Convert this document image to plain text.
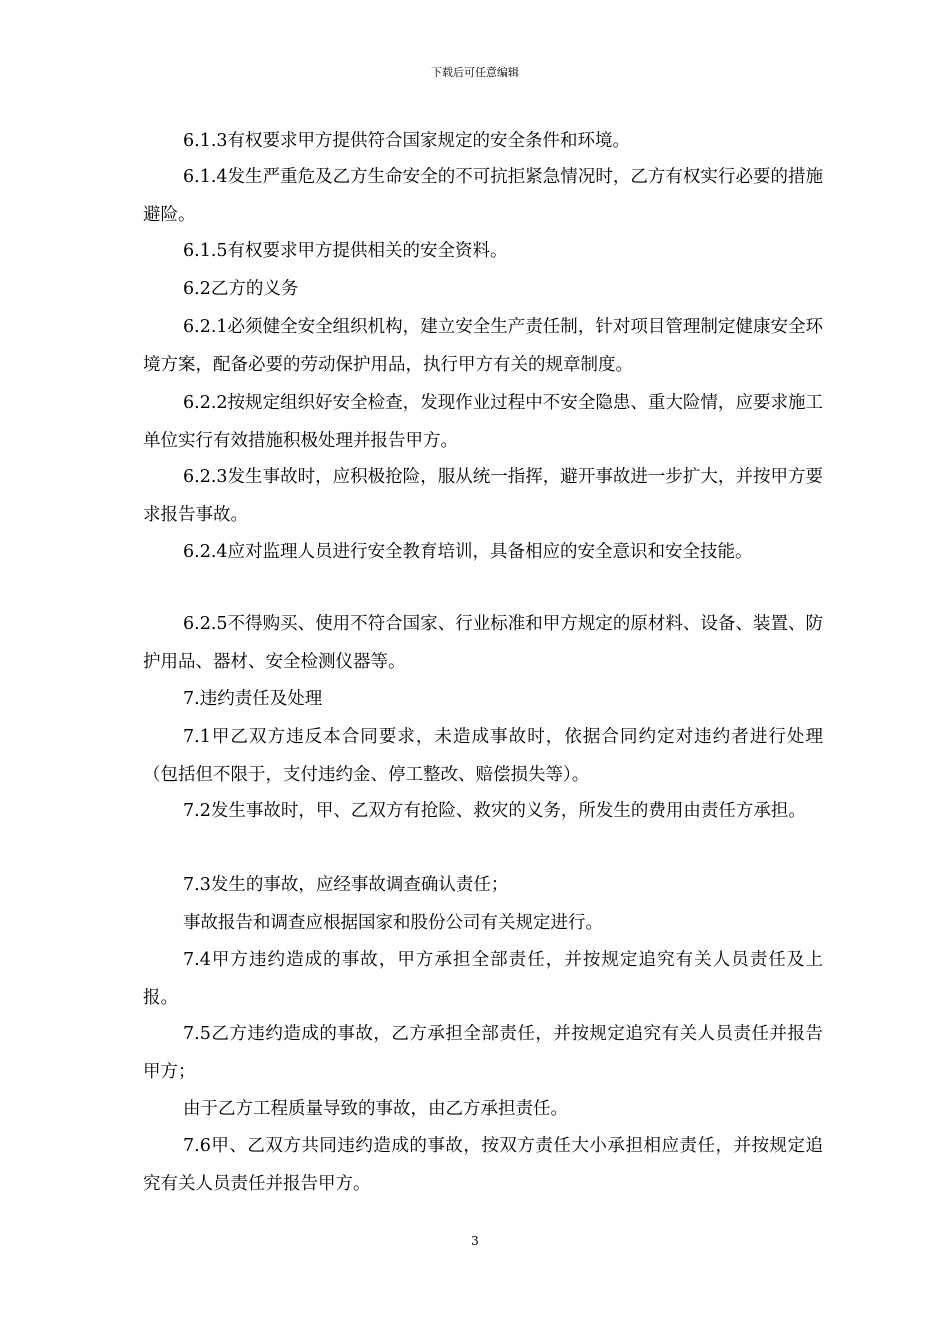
下载后可任意编辑
6.1.3有权要求甲方提供符合国家规定的安全条件和环境。
6.1.4发生严重危及乙方生命安全的不可抗拒紧急情况时，乙方有权实行必要的措施避险。
6.1.5有权要求甲方提供相关的安全资料。
6.2乙方的义务
6.2.1必须健全安全组织机构，建立安全生产责任制，针对项目管理制定健康安全环境方案，配备必要的劳动保护用品，执行甲方有关的规章制度。
6.2.2按规定组织好安全检查，发现作业过程中不安全隐患、重大险情，应要求施工单位实行有效措施积极处理并报告甲方。
6.2.3发生事故时，应积极抢险，服从统一指挥，避开事故进一步扩大，并按甲方要求报告事故。
6.2.4应对监理人员进行安全教育培训，具备相应的安全意识和安全技能。
6.2.5不得购买、使用不符合国家、行业标准和甲方规定的原材料、设备、装置、防护用品、器材、安全检测仪器等。
7.违约责任及处理
7.1甲乙双方违反本合同要求，未造成事故时，依据合同约定对违约者进行处理（包括但不限于，支付违约金、停工整改、赔偿损失等）。
7.2发生事故时，甲、乙双方有抢险、救灾的义务，所发生的费用由责任方承担。
7.3发生的事故，应经事故调查确认责任；
事故报告和调查应根据国家和股份公司有关规定进行。
7.4甲方违约造成的事故，甲方承担全部责任，并按规定追究有关人员责任及上报。
7.5乙方违约造成的事故，乙方承担全部责任，并按规定追究有关人员责任并报告甲方；
由于乙方工程质量导致的事故，由乙方承担责任。
7.6甲、乙双方共同违约造成的事故，按双方责任大小承担相应责任，并按规定追究有关人员责任并报告甲方。
3
